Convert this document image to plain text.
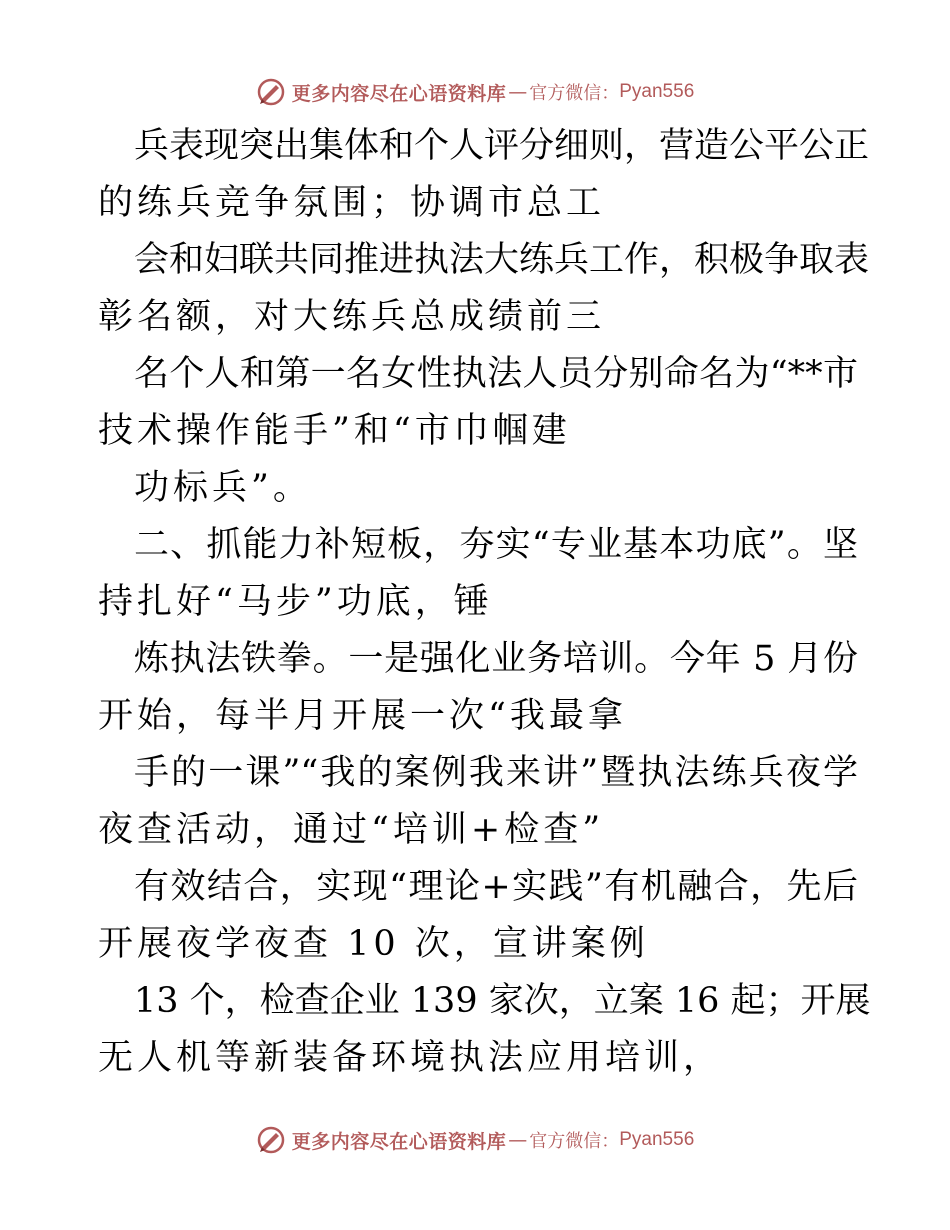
更多内容尽在心语资料库 — 官方微信： Pyan556
兵表现突出集体和个人评分细则，营造公平公正
的练兵竞争氛围；协调市总工
会和妇联共同推进执法大练兵工作，积极争取表
彰名额，对大练兵总成绩前三
名个人和第一名女性执法人员分别命名为“**市
技术操作能手”和“市巾帼建
功标兵”。
二、抓能力补短板，夯实“专业基本功底”。坚
持扎好“马步”功底，锤
炼执法铁拳。一是强化业务培训。今年 5 月份
开始，每半月开展一次“我最拿
手的一课”“我的案例我来讲”暨执法练兵夜学
夜查活动，通过“培训+检查”
有效结合，实现“理论+实践”有机融合，先后
开展夜学夜查 10 次，宣讲案例
13 个，检查企业 139 家次，立案 16 起；开展
无人机等新装备环境执法应用培训，
更多内容尽在心语资料库 — 官方微信： Pyan556
